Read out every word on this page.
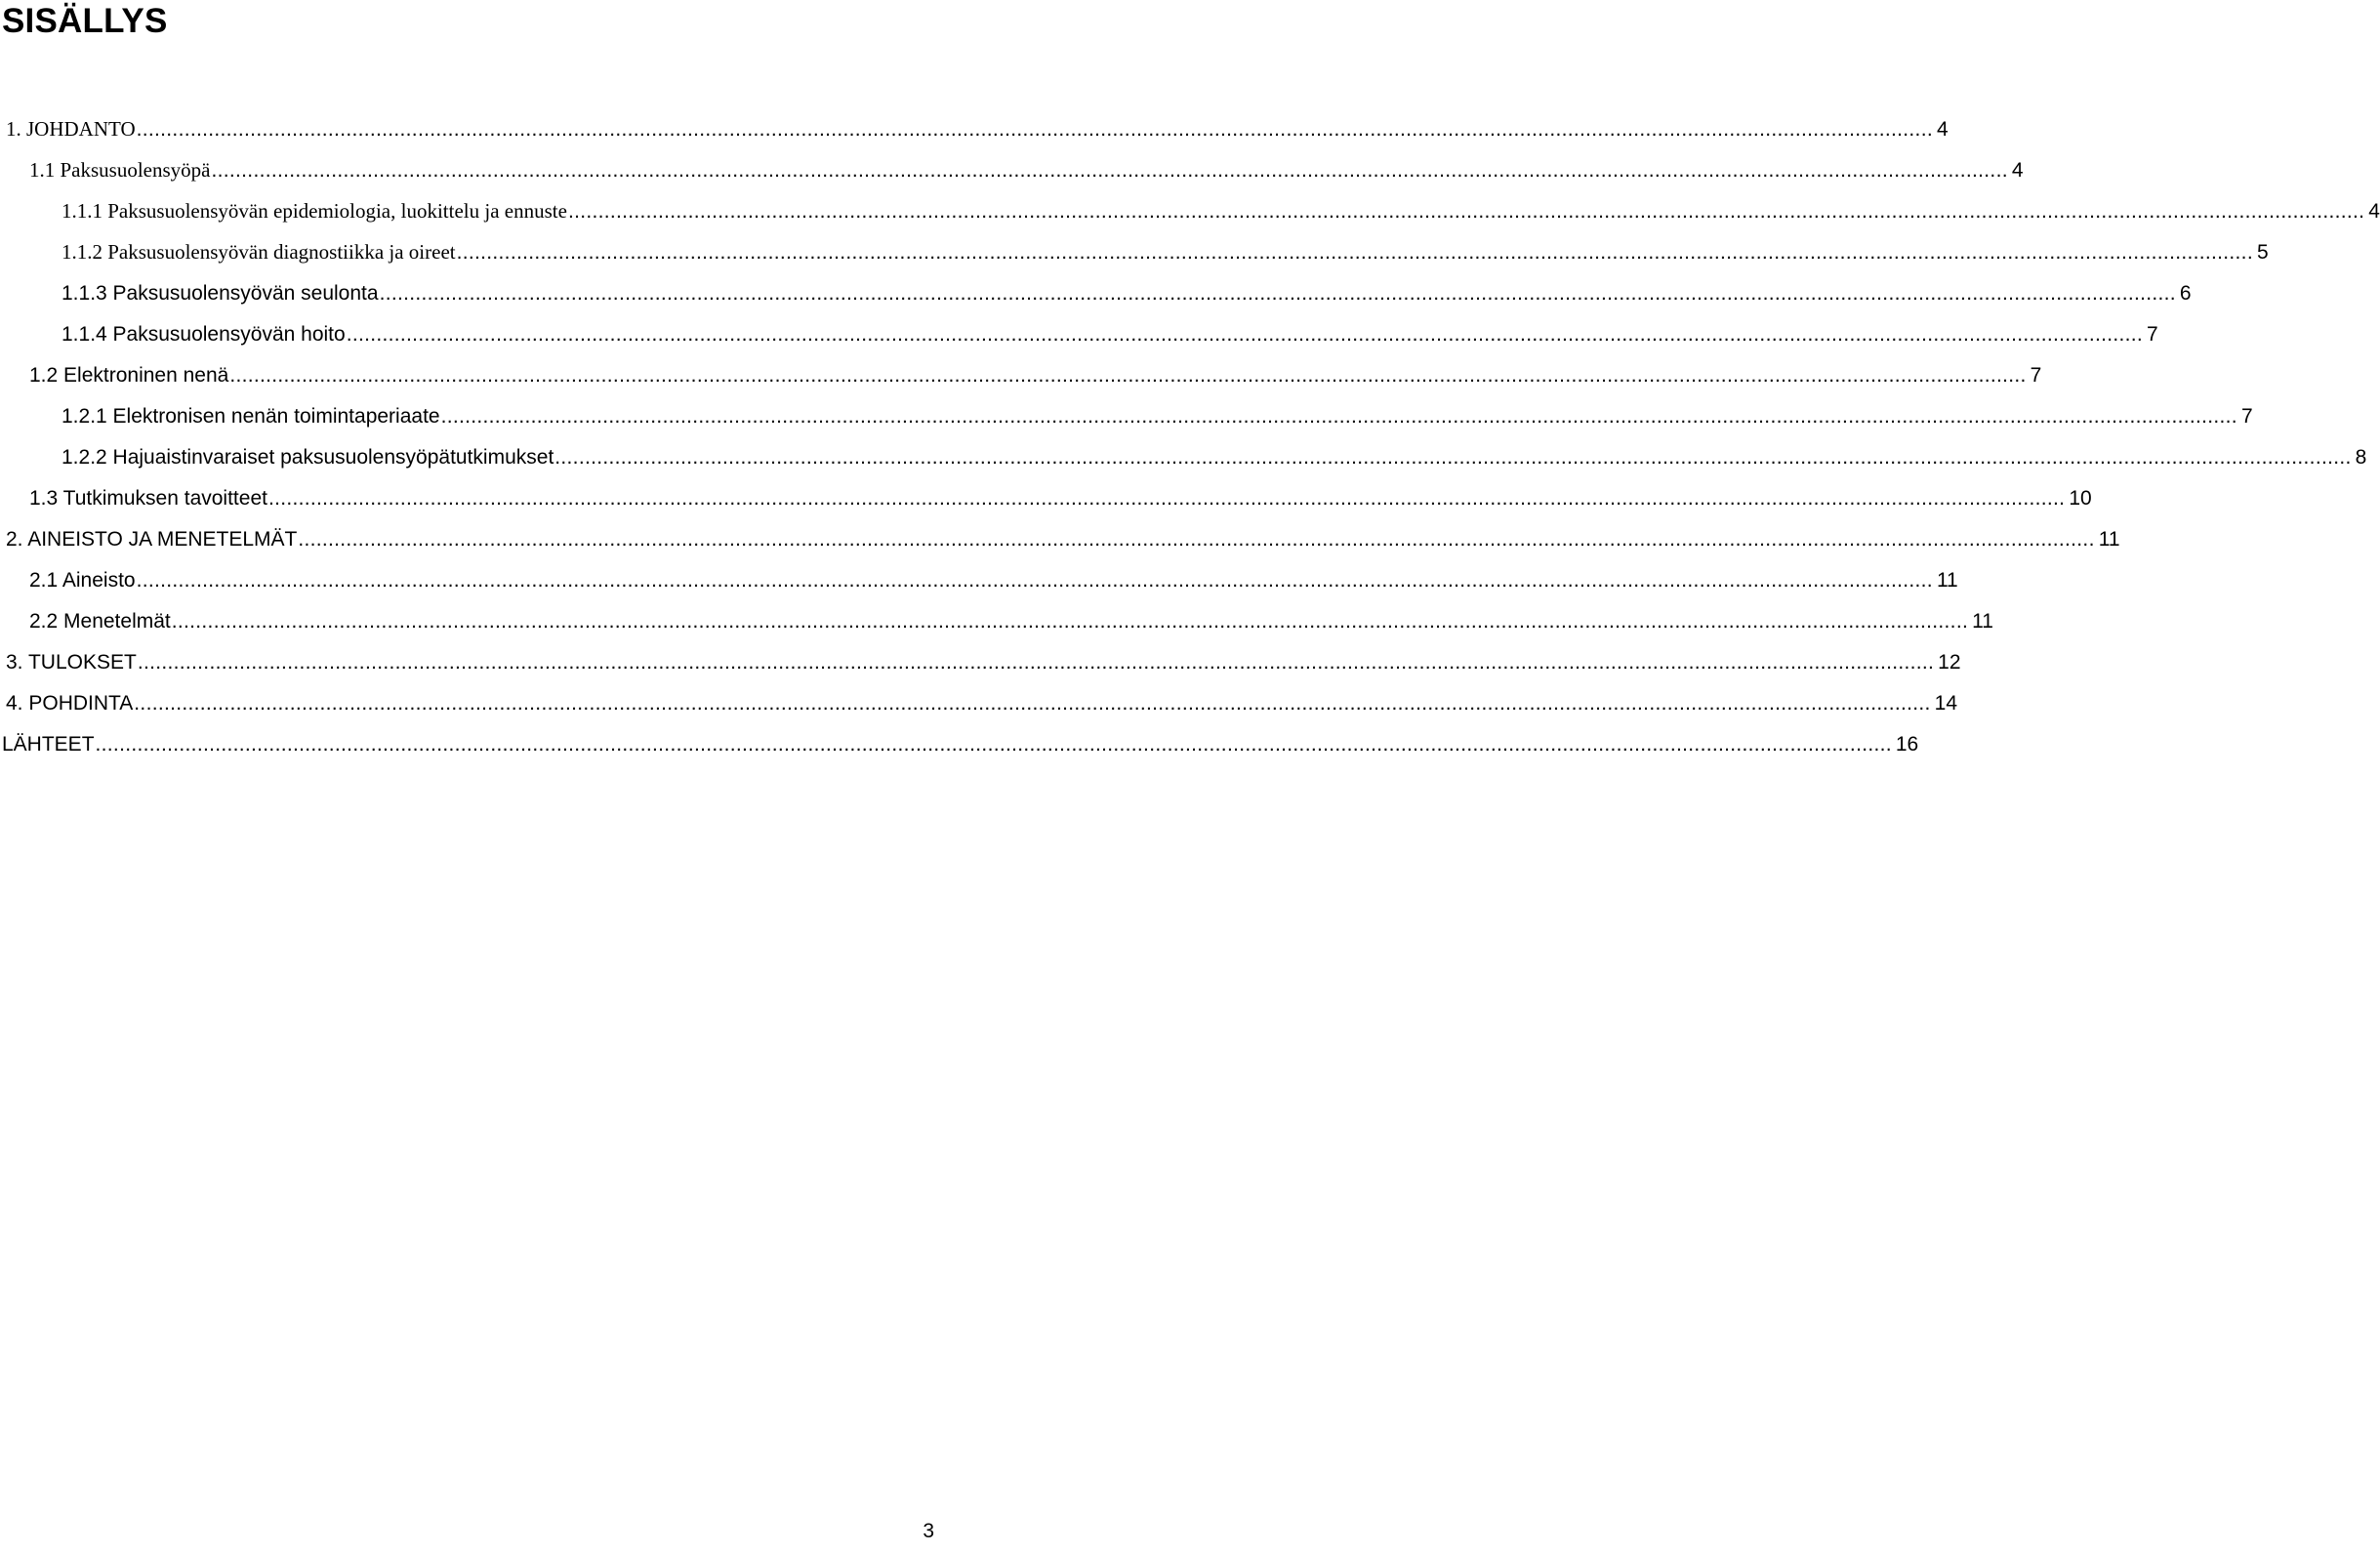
SISÄLLYS
1. JOHDANTO ............................................................................................................................................................................................................................................................................................................ 4
1.1 Paksusuolensyöpä ............................................................................................................................................................................................................................................................................................................ 4
1.1.1 Paksusuolensyövän epidemiologia, luokittelu ja ennuste ............................................................................................................................................................................................................................................................................................................ 4
1.1.2 Paksusuolensyövän diagnostiikka ja oireet ............................................................................................................................................................................................................................................................................................................ 5
1.1.3 Paksusuolensyövän seulonta ............................................................................................................................................................................................................................................................................................................ 6
1.1.4 Paksusuolensyövän hoito ............................................................................................................................................................................................................................................................................................................ 7
1.2 Elektroninen nenä ............................................................................................................................................................................................................................................................................................................ 7
1.2.1 Elektronisen nenän toimintaperiaate ............................................................................................................................................................................................................................................................................................................ 7
1.2.2 Hajuaistinvaraiset paksusuolensyöpätutkimukset ............................................................................................................................................................................................................................................................................................................ 8
1.3 Tutkimuksen tavoitteet ............................................................................................................................................................................................................................................................................................................ 10
2. AINEISTO JA MENETELMÄT ............................................................................................................................................................................................................................................................................................................ 11
2.1 Aineisto ............................................................................................................................................................................................................................................................................................................ 11
2.2 Menetelmät ............................................................................................................................................................................................................................................................................................................ 11
3. TULOKSET ............................................................................................................................................................................................................................................................................................................ 12
4. POHDINTA ............................................................................................................................................................................................................................................................................................................ 14
LÄHTEET ............................................................................................................................................................................................................................................................................................................ 16
3
